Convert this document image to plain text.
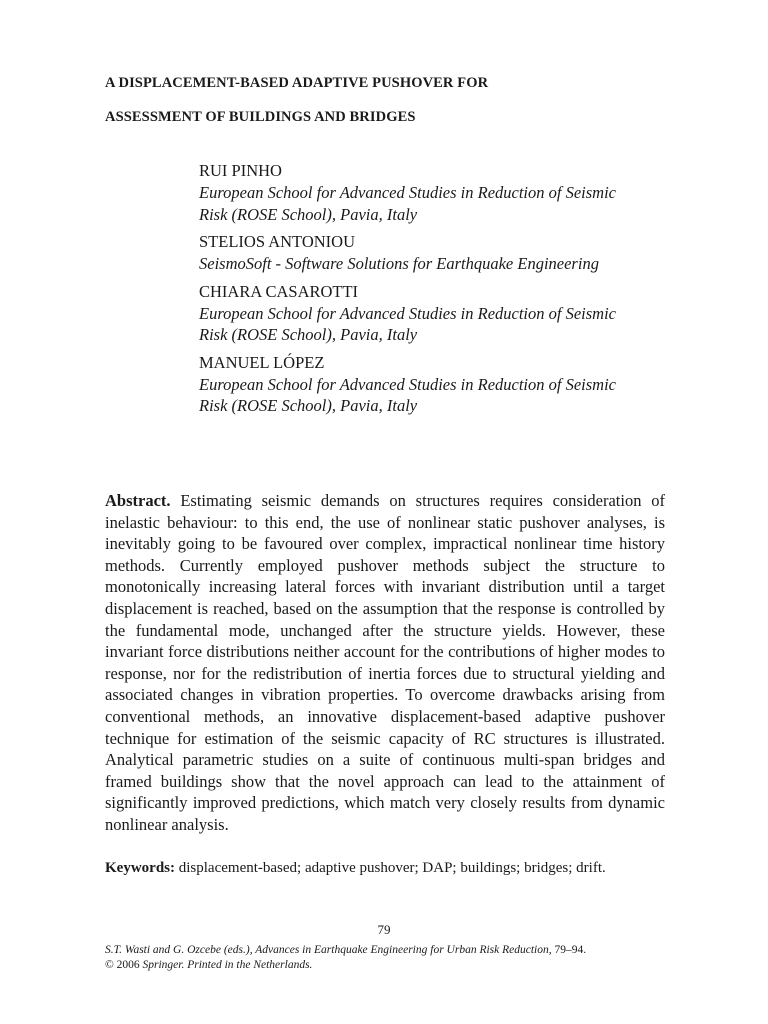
A DISPLACEMENT-BASED ADAPTIVE PUSHOVER FOR
ASSESSMENT OF BUILDINGS AND BRIDGES
RUI PINHO
European School for Advanced Studies in Reduction of Seismic
Risk (ROSE School), Pavia, Italy
STELIOS ANTONIOU
SeismoSoft - Software Solutions for Earthquake Engineering
CHIARA CASAROTTI
European School for Advanced Studies in Reduction of Seismic
Risk (ROSE School), Pavia, Italy
MANUEL LÓPEZ
European School for Advanced Studies in Reduction of Seismic
Risk (ROSE School), Pavia, Italy
Abstract. Estimating seismic demands on structures requires consideration of inelastic behaviour: to this end, the use of nonlinear static pushover analyses, is inevitably going to be favoured over complex, impractical nonlinear time history methods. Currently employed pushover methods subject the structure to monotonically increasing lateral forces with invariant distribution until a target displacement is reached, based on the assumption that the response is controlled by the fundamental mode, unchanged after the structure yields. However, these invariant force distributions neither account for the contributions of higher modes to response, nor for the redistribution of inertia forces due to structural yielding and associated changes in vibration properties. To overcome drawbacks arising from conventional methods, an innovative displacement-based adaptive pushover technique for estimation of the seismic capacity of RC structures is illustrated. Analytical parametric studies on a suite of continuous multi-span bridges and framed buildings show that the novel approach can lead to the attainment of significantly improved predictions, which match very closely results from dynamic nonlinear analysis.
Keywords: displacement-based; adaptive pushover; DAP; buildings; bridges; drift.
79
S.T. Wasti and G. Ozcebe (eds.), Advances in Earthquake Engineering for Urban Risk Reduction, 79–94.
© 2006 Springer. Printed in the Netherlands.
